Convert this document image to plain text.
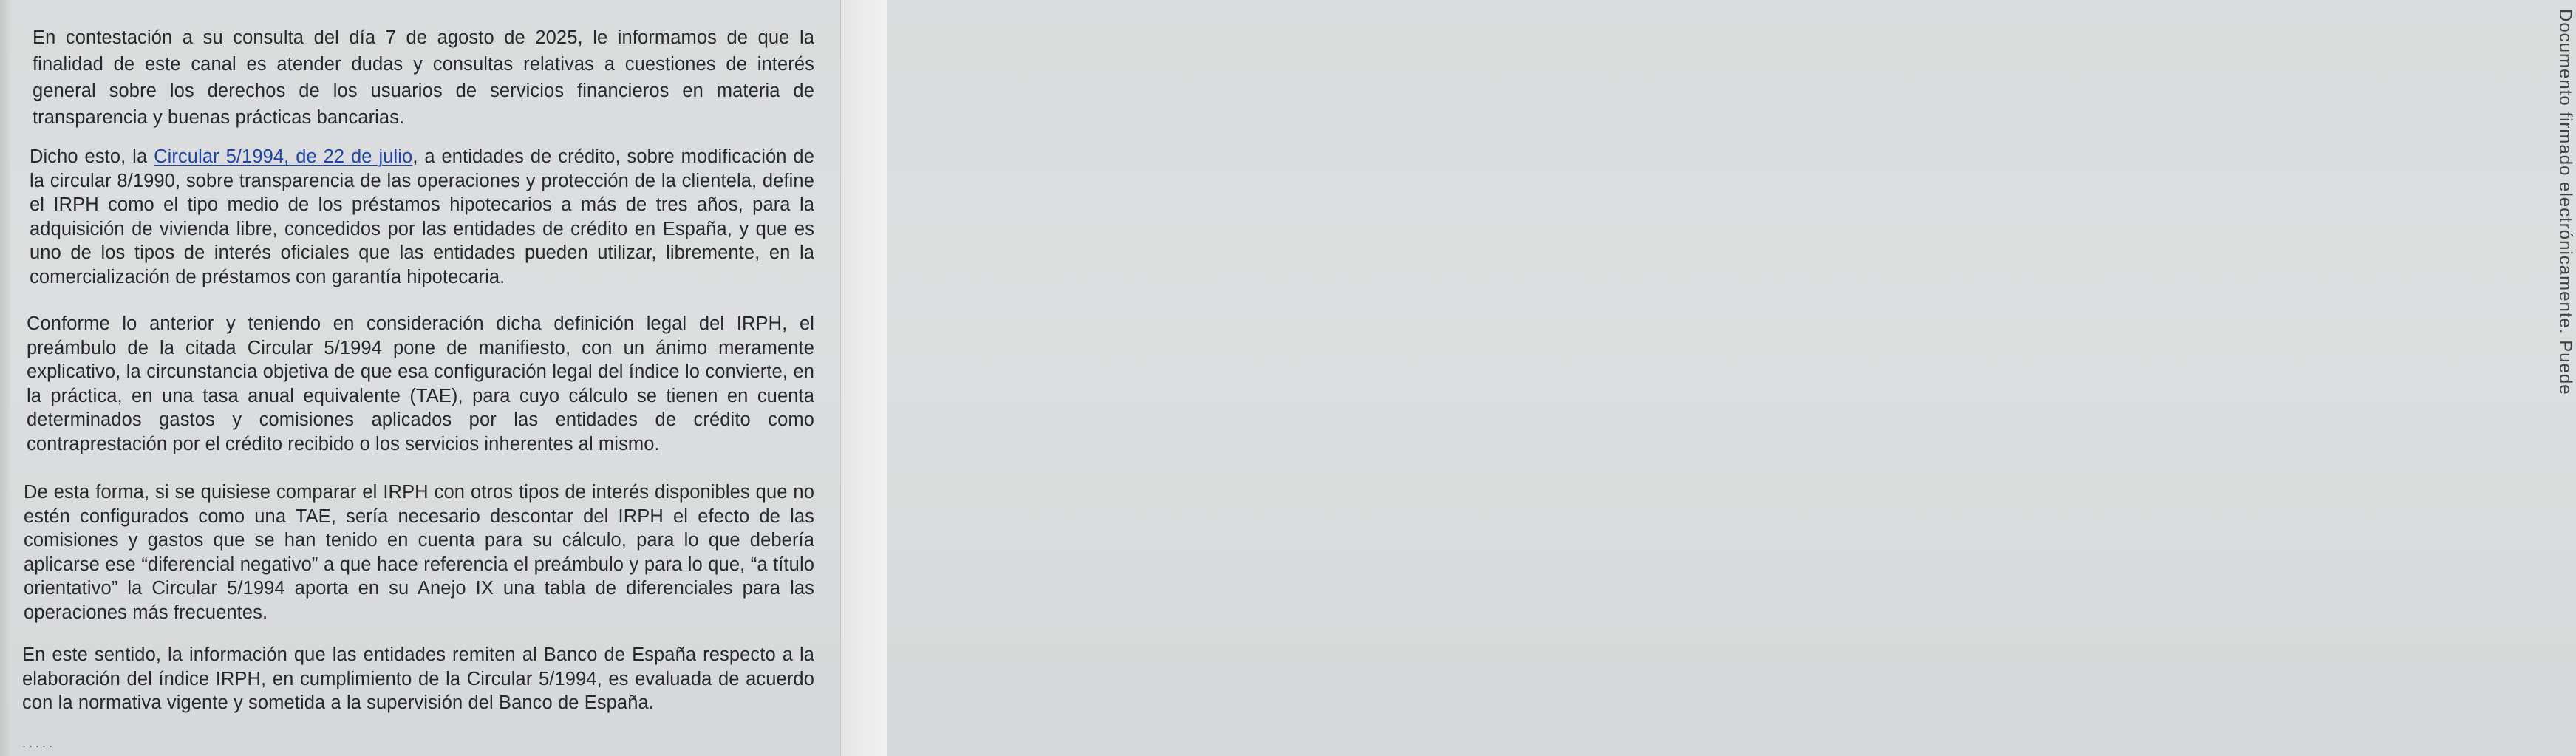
En contestación a su consulta del día 7 de agosto de 2025, le informamos de que la finalidad de este canal es atender dudas y consultas relativas a cuestiones de interés general sobre los derechos de los usuarios de servicios financieros en materia de transparencia y buenas prácticas bancarias.

Dicho esto, la Circular 5/1994, de 22 de julio, a entidades de crédito, sobre modificación de la circular 8/1990, sobre transparencia de las operaciones y protección de la clientela, define el IRPH como el tipo medio de los préstamos hipotecarios a más de tres años, para la adquisición de vivienda libre, concedidos por las entidades de crédito en España, y que es uno de los tipos de interés oficiales que las entidades pueden utilizar, libremente, en la comercialización de préstamos con garantía hipotecaria.

Conforme lo anterior y teniendo en consideración dicha definición legal del IRPH, el preámbulo de la citada Circular 5/1994 pone de manifiesto, con un ánimo meramente explicativo, la circunstancia objetiva de que esa configuración legal del índice lo convierte, en la práctica, en una tasa anual equivalente (TAE), para cuyo cálculo se tienen en cuenta determinados gastos y comisiones aplicados por las entidades de crédito como contraprestación por el crédito recibido o los servicios inherentes al mismo.

De esta forma, si se quisiese comparar el IRPH con otros tipos de interés disponibles que no estén configurados como una TAE, sería necesario descontar del IRPH el efecto de las comisiones y gastos que se han tenido en cuenta para su cálculo, para lo que debería aplicarse ese “diferencial negativo” a que hace referencia el preámbulo y para lo que, “a título orientativo” la Circular 5/1994 aporta en su Anejo IX una tabla de diferenciales para las operaciones más frecuentes.

En este sentido, la información que las entidades remiten al Banco de España respecto a la elaboración del índice IRPH, en cumplimiento de la Circular 5/1994, es evaluada de acuerdo con la normativa vigente y sometida a la supervisión del Banco de España.

.....
Documento firmado electrónicamente. Puede
